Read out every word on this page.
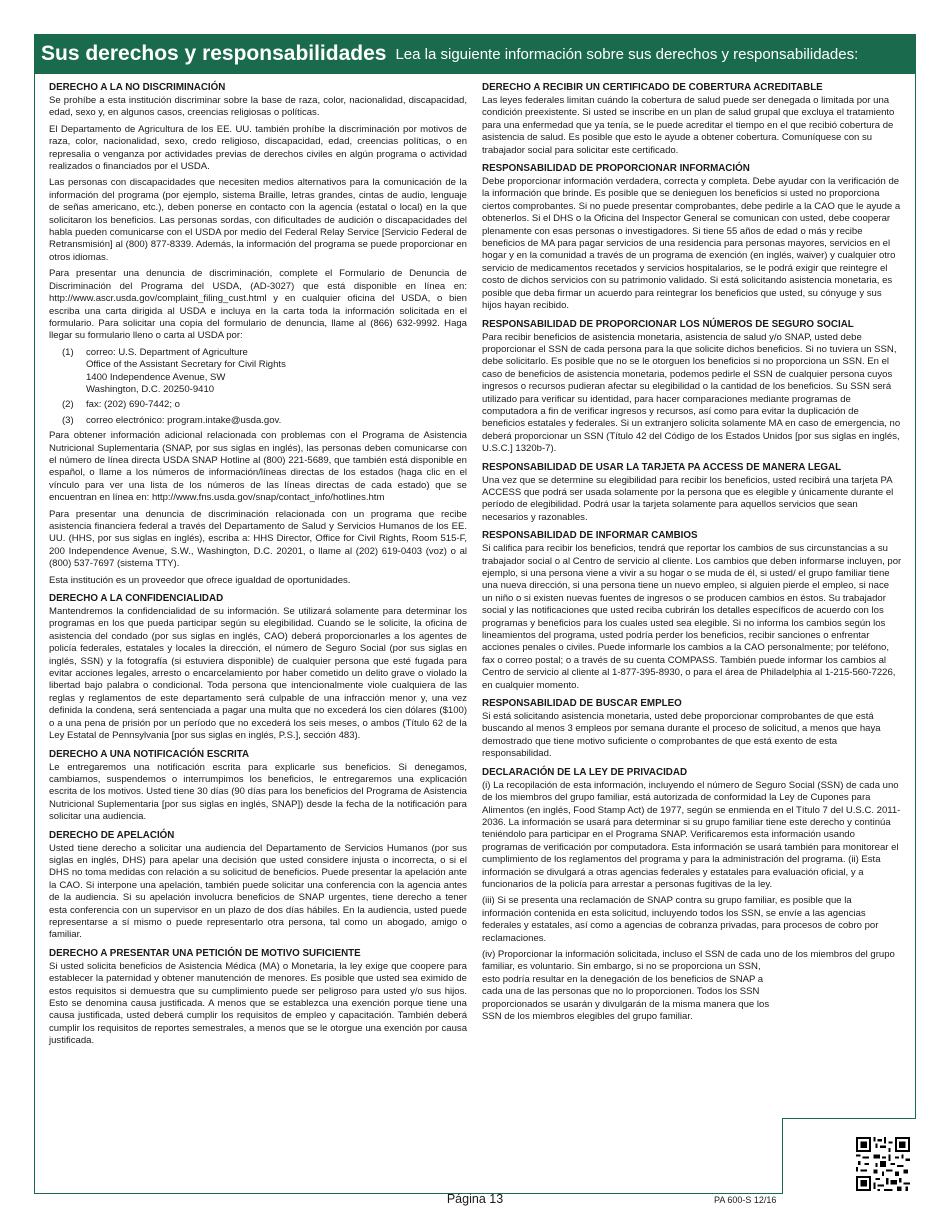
Sus derechos y responsabilidades Lea la siguiente información sobre sus derechos y responsabilidades:
DERECHO A LA NO DISCRIMINACIÓN

Se prohíbe a esta institución discriminar sobre la base de raza, color, nacionalidad, discapacidad, edad, sexo y, en algunos casos, creencias religiosas o políticas.

El Departamento de Agricultura de los EE. UU. también prohíbe la discriminación por motivos de raza, color, nacionalidad, sexo, credo religioso, discapacidad, edad, creencias políticas, o en represalia o venganza por actividades previas de derechos civiles en algún programa o actividad realizados o financiados por el USDA.

Las personas con discapacidades que necesiten medios alternativos para la comunicación de la información del programa (por ejemplo, sistema Braille, letras grandes, cintas de audio, lenguaje de señas americano, etc.), deben ponerse en contacto con la agencia (estatal o local) en la que solicitaron los beneficios. Las personas sordas, con dificultades de audición o discapacidades del habla pueden comunicarse con el USDA por medio del Federal Relay Service [Servicio Federal de Retransmisión] al (800) 877-8339. Además, la información del programa se puede proporcionar en otros idiomas.

Para presentar una denuncia de discriminación, complete el Formulario de Denuncia de Discriminación del Programa del USDA, (AD-3027) que está disponible en línea en: http://www.ascr.usda.gov/complaint_filing_cust.html y en cualquier oficina del USDA, o bien escriba una carta dirigida al USDA e incluya en la carta toda la información solicitada en el formulario. Para solicitar una copia del formulario de denuncia, llame al (866) 632-9992. Haga llegar su formulario lleno o carta al USDA por:

(1)	correo: U.S. Department of Agriculture
Office of the Assistant Secretary for Civil Rights
1400 Independence Avenue, SW
Washington, D.C. 20250-9410
(2)	fax: (202) 690-7442; o
(3)	correo electrónico: program.intake@usda.gov.

Para obtener información adicional relacionada con problemas con el Programa de Asistencia Nutricional Suplementaria (SNAP, por sus siglas en inglés), las personas deben comunicarse con el número de línea directa USDA SNAP Hotline al (800) 221-5689, que también está disponible en español, o llame a los números de información/líneas directas de los estados (haga clic en el vínculo para ver una lista de los números de las líneas directas de cada estado) que se encuentran en línea en: http://www.fns.usda.gov/snap/contact_info/hotlines.htm

Para presentar una denuncia de discriminación relacionada con un programa que recibe asistencia financiera federal a través del Departamento de Salud y Servicios Humanos de los EE. UU. (HHS, por sus siglas en inglés), escriba a: HHS Director, Office for Civil Rights, Room 515-F, 200 Independence Avenue, S.W., Washington, D.C. 20201, o llame al (202) 619-0403 (voz) o al (800) 537-7697 (sistema TTY).

Esta institución es un proveedor que ofrece igualdad de oportunidades.

DERECHO A LA CONFIDENCIALIDAD

Mantendremos la confidencialidad de su información. Se utilizará solamente para determinar los programas en los que pueda participar según su elegibilidad. Cuando se le solicite, la oficina de asistencia del condado (por sus siglas en inglés, CAO) deberá proporcionarles a los agentes de policía federales, estatales y locales la dirección, el número de Seguro Social (por sus siglas en inglés, SSN) y la fotografía (si estuviera disponible) de cualquier persona que esté fugada para evitar acciones legales, arresto o encarcelamiento por haber cometido un delito grave o violado la libertad bajo palabra o condicional. Toda persona que intencionalmente viole cualquiera de las reglas y reglamentos de este departamento será culpable de una infracción menor y, una vez definida la condena, será sentenciada a pagar una multa que no excederá los cien dólares ($100) o a una pena de prisión por un período que no excederá los seis meses, o ambos (Título 62 de la Ley Estatal de Pennsylvania [por sus siglas en inglés, P.S.], sección 483).

DERECHO A UNA NOTIFICACIÓN ESCRITA

Le entregaremos una notificación escrita para explicarle sus beneficios. Si denegamos, cambiamos, suspendemos o interrumpimos los beneficios, le entregaremos una explicación escrita de los motivos. Usted tiene 30 días (90 días para los beneficios del Programa de Asistencia Nutricional Suplementaria [por sus siglas en inglés, SNAP]) desde la fecha de la notificación para solicitar una audiencia.

DERECHO DE APELACIÓN

Usted tiene derecho a solicitar una audiencia del Departamento de Servicios Humanos (por sus siglas en inglés, DHS) para apelar una decisión que usted considere injusta o incorrecta, o si el DHS no toma medidas con relación a su solicitud de beneficios. Puede presentar la apelación ante la CAO. Si interpone una apelación, también puede solicitar una conferencia con la agencia antes de la audiencia. Si su apelación involucra beneficios de SNAP urgentes, tiene derecho a tener esta conferencia con un supervisor en un plazo de dos días hábiles. En la audiencia, usted puede representarse a sí mismo o puede representarlo otra persona, tal como un abogado, amigo o familiar.

DERECHO A PRESENTAR UNA PETICIÓN DE MOTIVO SUFICIENTE

Si usted solicita beneficios de Asistencia Médica (MA) o Monetaria, la ley exige que coopere para establecer la paternidad y obtener manutención de menores. Es posible que usted sea eximido de estos requisitos si demuestra que su cumplimiento puede ser peligroso para usted y/o sus hijos. Esto se denomina causa justificada. A menos que se establezca una exención porque tiene una causa justificada, usted deberá cumplir los requisitos de empleo y capacitación. También deberá cumplir los requisitos de reportes semestrales, a menos que se le otorgue una exención por causa justificada.

DERECHO A RECIBIR UN CERTIFICADO DE COBERTURA ACREDITABLE

Las leyes federales limitan cuándo la cobertura de salud puede ser denegada o limitada por una condición preexistente. Si usted se inscribe en un plan de salud grupal que excluya el tratamiento para una enfermedad que ya tenía, se le puede acreditar el tiempo en el que recibió cobertura de asistencia de salud. Es posible que esto le ayude a obtener cobertura. Comuníquese con su trabajador social para solicitar este certificado.

RESPONSABILIDAD DE PROPORCIONAR INFORMACIÓN

Debe proporcionar información verdadera, correcta y completa. Debe ayudar con la verificación de la información que brinde. Es posible que se denieguen los beneficios si usted no proporciona ciertos comprobantes. Si no puede presentar comprobantes, debe pedirle a la CAO que le ayude a obtenerlos. Si el DHS o la Oficina del Inspector General se comunican con usted, debe cooperar plenamente con esas personas o investigadores. Si tiene 55 años de edad o más y recibe beneficios de MA para pagar servicios de una residencia para personas mayores, servicios en el hogar y en la comunidad a través de un programa de exención (en inglés, waiver) y cualquier otro servicio de medicamentos recetados y servicios hospitalarios, se le podrá exigir que reintegre el costo de dichos servicios con su patrimonio validado. Si está solicitando asistencia monetaria, es posible que deba firmar un acuerdo para reintegrar los beneficios que usted, su cónyuge y sus hijos hayan recibido.

RESPONSABILIDAD DE PROPORCIONAR LOS NÚMEROS DE SEGURO SOCIAL

Para recibir beneficios de asistencia monetaria, asistencia de salud y/o SNAP, usted debe proporcionar el SSN de cada persona para la que solicite dichos beneficios. Si no tuviera un SSN, debe solicitarlo. Es posible que no se le otorguen los beneficios si no proporciona un SSN. En el caso de beneficios de asistencia monetaria, podemos pedirle el SSN de cualquier persona cuyos ingresos o recursos pudieran afectar su elegibilidad o la cantidad de los beneficios. Su SSN será utilizado para verificar su identidad, para hacer comparaciones mediante programas de computadora a fin de verificar ingresos y recursos, así como para evitar la duplicación de beneficios estatales y federales. Si un extranjero solicita solamente MA en caso de emergencia, no deberá proporcionar un SSN (Título 42 del Código de los Estados Unidos [por sus siglas en inglés, U.S.C.] 1320b-7).

RESPONSABILIDAD DE USAR LA TARJETA PA ACCESS DE MANERA LEGAL

Una vez que se determine su elegibilidad para recibir los beneficios, usted recibirá una tarjeta PA ACCESS que podrá ser usada solamente por la persona que es elegible y únicamente durante el período de elegibilidad. Podrá usar la tarjeta solamente para aquellos servicios que sean necesarios y razonables.

RESPONSABILIDAD DE INFORMAR CAMBIOS

Si califica para recibir los beneficios, tendrá que reportar los cambios de sus circunstancias a su trabajador social o al Centro de servicio al cliente. Los cambios que deben informarse incluyen, por ejemplo, si una persona viene a vivir a su hogar o se muda de él, si usted/ el grupo familiar tiene una nueva dirección, si una persona tiene un nuevo empleo, si alguien pierde el empleo, si nace un niño o si existen nuevas fuentes de ingresos o se producen cambios en éstos. Su trabajador social y las notificaciones que usted reciba cubrirán los detalles específicos de acuerdo con los programas y beneficios para los cuales usted sea elegible. Si no informa los cambios según los lineamientos del programa, usted podría perder los beneficios, recibir sanciones o enfrentar acciones penales o civiles. Puede informarle los cambios a la CAO personalmente; por teléfono, fax o correo postal; o a través de su cuenta COMPASS. También puede informar los cambios al Centro de servicio al cliente al 1-877-395-8930, o para el área de Philadelphia al 1-215-560-7226, en cualquier momento.

RESPONSABILIDAD DE BUSCAR EMPLEO

Si está solicitando asistencia monetaria, usted debe proporcionar comprobantes de que está buscando al menos 3 empleos por semana durante el proceso de solicitud, a menos que haya demostrado que tiene motivo suficiente o comprobantes de que está exento de esta responsabilidad.

DECLARACIÓN DE LA LEY DE PRIVACIDAD

(i) La recopilación de esta información, incluyendo el número de Seguro Social (SSN) de cada uno de los miembros del grupo familiar, está autorizada de conformidad la Ley de Cupones para Alimentos (en inglés, Food Stamp Act) de 1977, según se enmienda en el Título 7 del U.S.C. 2011-2036. La información se usará para determinar si su grupo familiar tiene este derecho y continúa teniéndolo para participar en el Programa SNAP. Verificaremos esta información usando programas de verificación por computadora. Esta información se usará también para monitorear el cumplimiento de los reglamentos del programa y para la administración del programa. (ii) Esta información se divulgará a otras agencias federales y estatales para evaluación oficial, y a funcionarios de la policía para arrestar a personas fugitivas de la ley.

(iii) Si se presenta una reclamación de SNAP contra su grupo familiar, es posible que la información contenida en esta solicitud, incluyendo todos los SSN, se envíe a las agencias federales y estatales, así como a agencias de cobranza privadas, para procesos de cobro por reclamaciones.

(iv) Proporcionar la información solicitada, incluso el SSN de cada uno de los miembros del grupo familiar, es voluntario. Sin embargo, si no se proporciona un SSN,

esto podría resultar en la denegación de los beneficios de SNAP a cada una de las personas que no lo proporcionen. Todos los SSN proporcionados se usarán y divulgarán de la misma manera que los SSN de los miembros elegibles del grupo familiar.

Página 13	PA 600-S 12/16
